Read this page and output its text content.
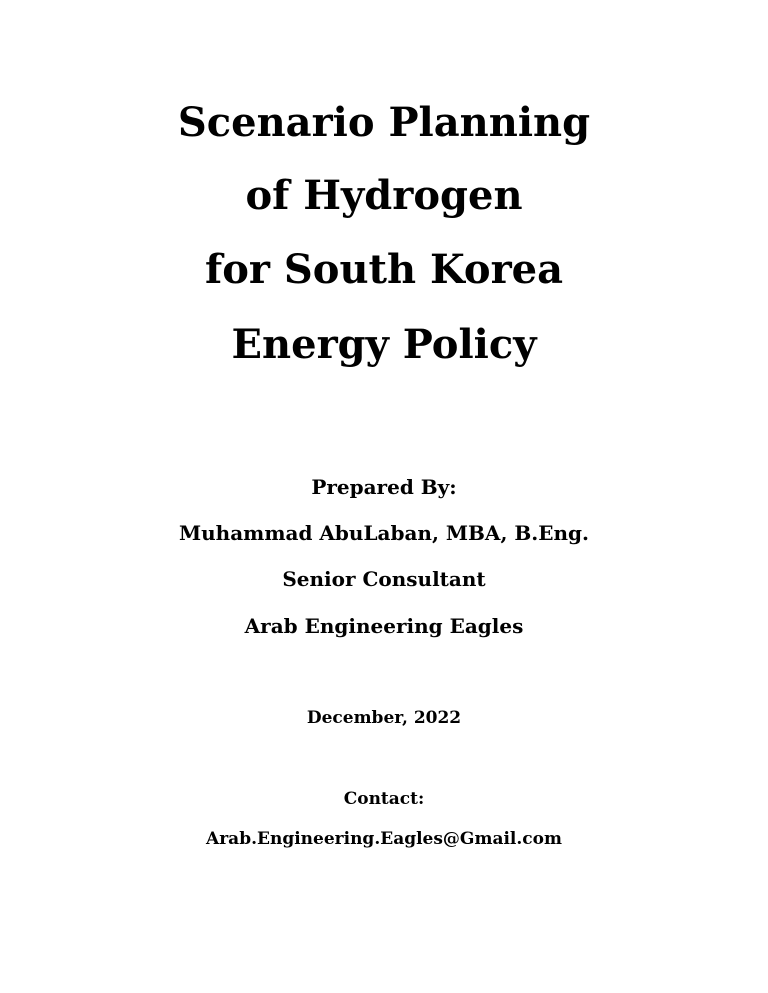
Scenario Planning
of Hydrogen
for South Korea
Energy Policy
Prepared By:
Muhammad AbuLaban, MBA, B.Eng.
Senior Consultant
Arab Engineering Eagles
December, 2022
Contact:
Arab.Engineering.Eagles@Gmail.com
